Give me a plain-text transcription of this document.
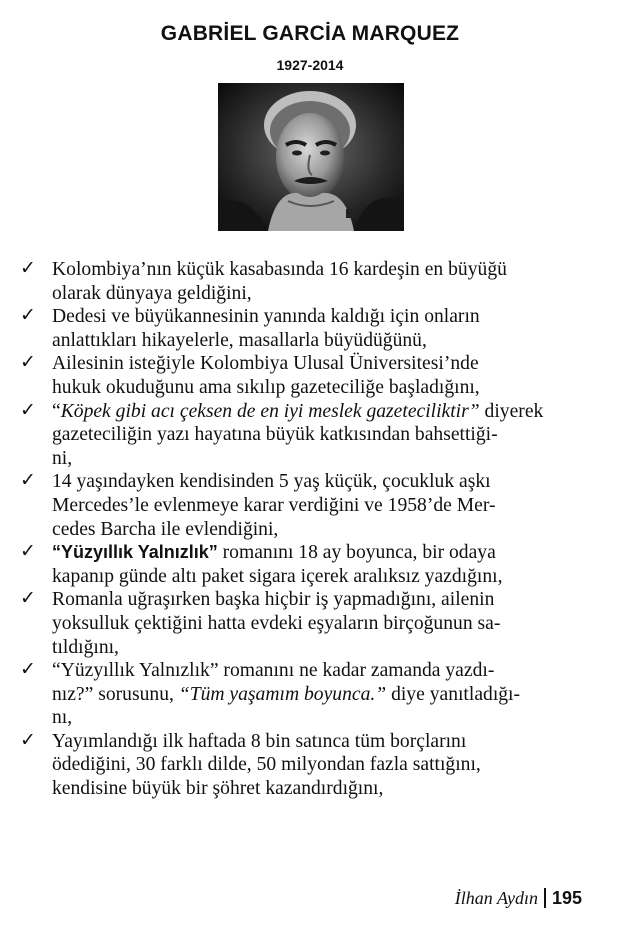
GABRİEL GARCİA MARQUEZ
1927-2014
✓ Kolombiya’nın küçük kasabasında 16 kardeşin en büyüğü
olarak dünyaya geldiğini,
✓ Dedesi ve büyükannesinin yanında kaldığı için onların
anlattıkları hikayelerle, masallarla büyüdüğünü,
✓ Ailesinin isteğiyle Kolombiya Ulusal Üniversitesi’nde
hukuk okuduğunu ama sıkılıp gazeteciliğe başladığını,
✓ “Köpek gibi acı çeksen de en iyi meslek gazeteciliktir” diyerek
gazeteciliğin yazı hayatına büyük katkısından bahsettiği-
ni,
✓ 14 yaşındayken kendisinden 5 yaş küçük, çocukluk aşkı
Mercedes’le evlenmeye karar verdiğini ve 1958’de Mer-
cedes Barcha ile evlendiğini,
✓ “Yüzyıllık Yalnızlık” romanını 18 ay boyunca, bir odaya
kapanıp günde altı paket sigara içerek aralıksız yazdığını,
✓ Romanla uğraşırken başka hiçbir iş yapmadığını, ailenin
yoksulluk çektiğini hatta evdeki eşyaların birçoğunun sa-
tıldığını,
✓ “Yüzyıllık Yalnızlık” romanını ne kadar zamanda yazdı-
nız?” sorusunu, “Tüm yaşamım boyunca.” diye yanıtladığı-
nı,
✓ Yayımlandığı ilk haftada 8 bin satınca tüm borçlarını
ödediğini, 30 farklı dilde, 50 milyondan fazla sattığını,
kendisine büyük bir şöhret kazandırdığını,
İlhan Aydın 195
